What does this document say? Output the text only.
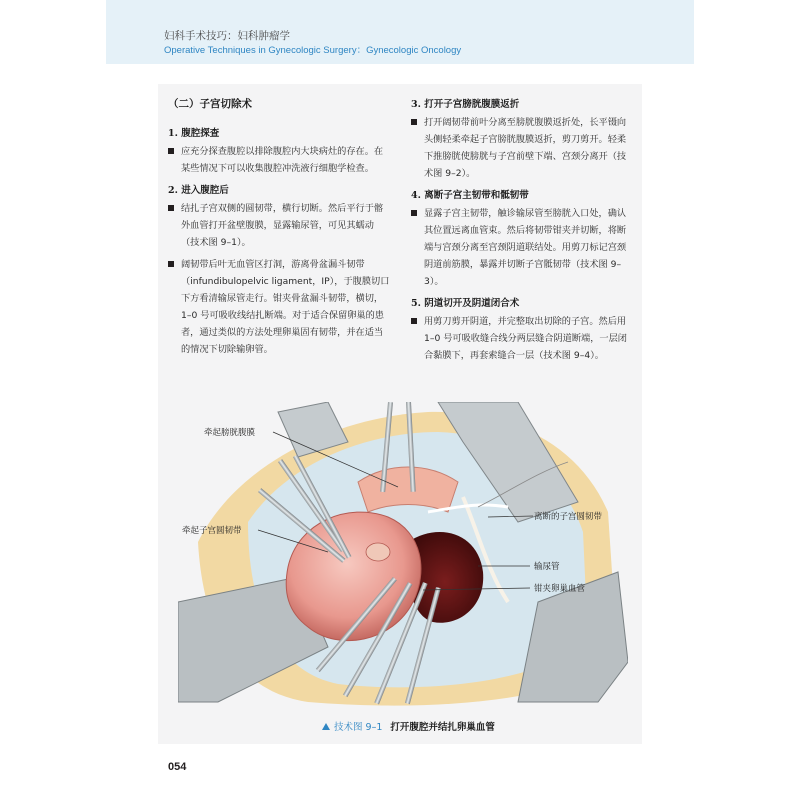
妇科手术技巧：妇科肿瘤学
Operative Techniques in Gynecologic Surgery：Gynecologic Oncology
（二）子宫切除术
1. 腹腔探查
应充分探查腹腔以排除腹腔内大块病灶的存在。在某些情况下可以收集腹腔冲洗液行细胞学检查。
2. 进入腹腔后
结扎子宫双侧的圆韧带，横行切断。然后平行于髂外血管打开盆壁腹膜，显露输尿管，可见其蠕动（技术图 9–1）。
阔韧带后叶无血管区打洞，游离骨盆漏斗韧带（infundibulopelvic ligament，IP），于腹膜切口下方看清输尿管走行。钳夹骨盆漏斗韧带，横切，1–0 号可吸收线结扎断端。对于适合保留卵巢的患者，通过类似的方法处理卵巢固有韧带，并在适当的情况下切除输卵管。
3. 打开子宫膀胱腹膜返折
打开阔韧带前叶分离至膀胱腹膜返折处，长平镊向头侧轻柔牵起子宫膀胱腹膜返折，剪刀剪开。轻柔下推膀胱使膀胱与子宫前壁下端、宫颈分离开（技术图 9–2）。
4. 离断子宫主韧带和骶韧带
显露子宫主韧带，触诊输尿管至膀胱入口处，确认其位置远离血管束。然后将韧带钳夹并切断，将断端与宫颈分离至宫颈阴道联结处。用剪刀标记宫颈阴道前筋膜，暴露并切断子宫骶韧带（技术图 9–3）。
5. 阴道切开及阴道闭合术
用剪刀剪开阴道，并完整取出切除的子宫。然后用 1–0 号可吸收缝合线分两层缝合阴道断端，一层闭合黏膜下，再套索缝合一层（技术图 9–4）。
牵起膀胱腹膜
牵起子宫圆韧带
离断的子宫圆韧带
输尿管
钳夹卵巢血管
技术图 9–1 打开腹腔并结扎卵巢血管
054
